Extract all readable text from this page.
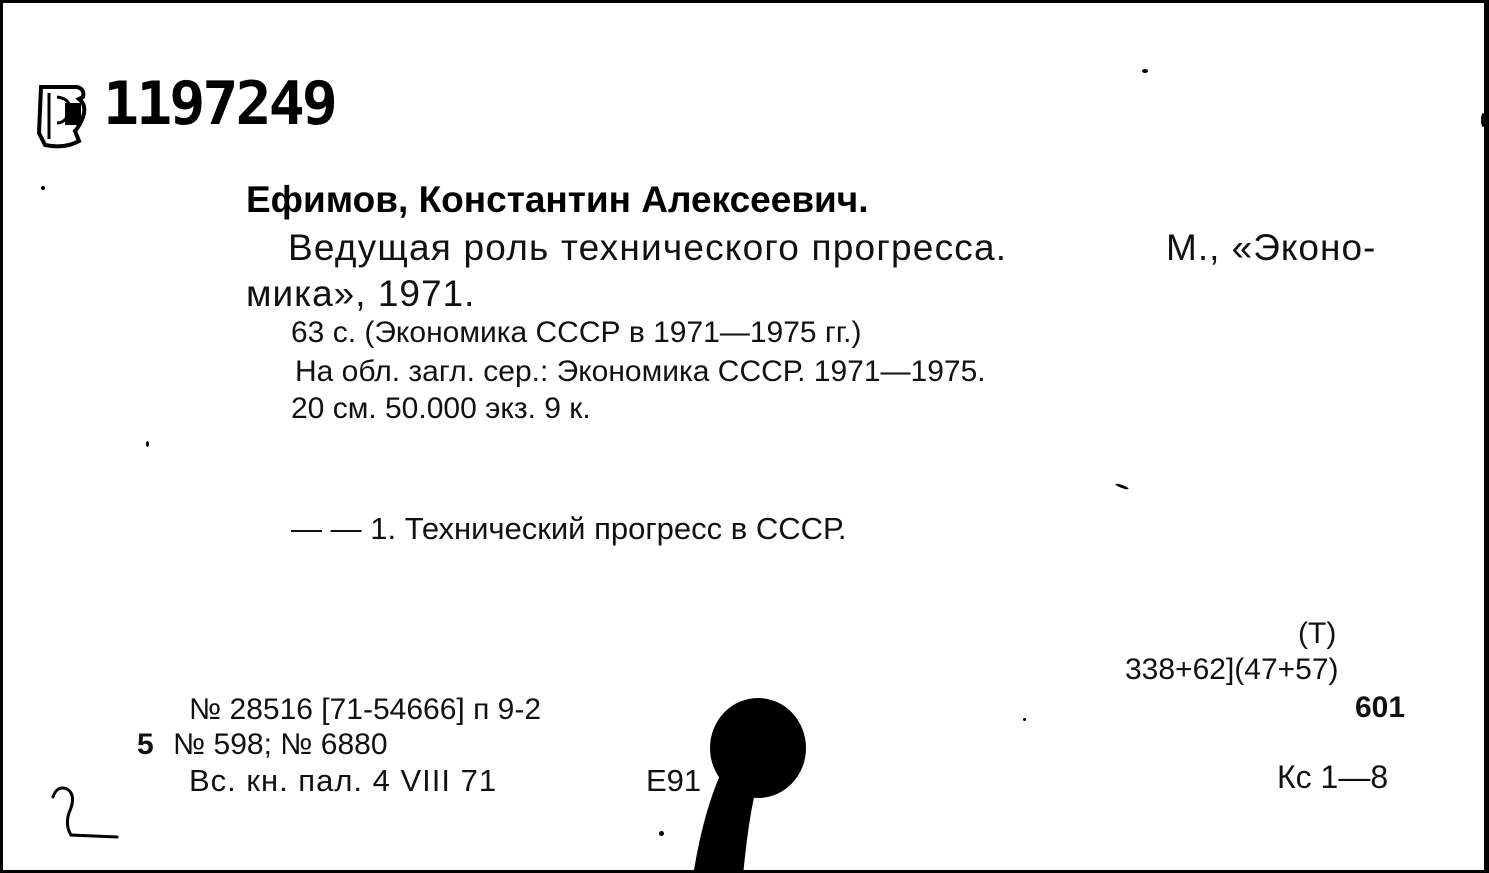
1197249
Ефимов, Константин Алексеевич.
Ведущая роль технического прогресса.	М., «Эконо-
мика», 1971.
63 с. (Экономика СССР в 1971—1975 гг.)
На обл. загл. сер.: Экономика СССР. 1971—1975.
20 см. 50.000 экз. 9 к.
— — 1. Технический прогресс в СССР.
(Т)
338+62](47+57)
601
Кс 1—8
№ 28516 [71-54666] п 9-2
5 № 598; № 6880
Вс. кн. пал. 4 VIII 71	Е91
